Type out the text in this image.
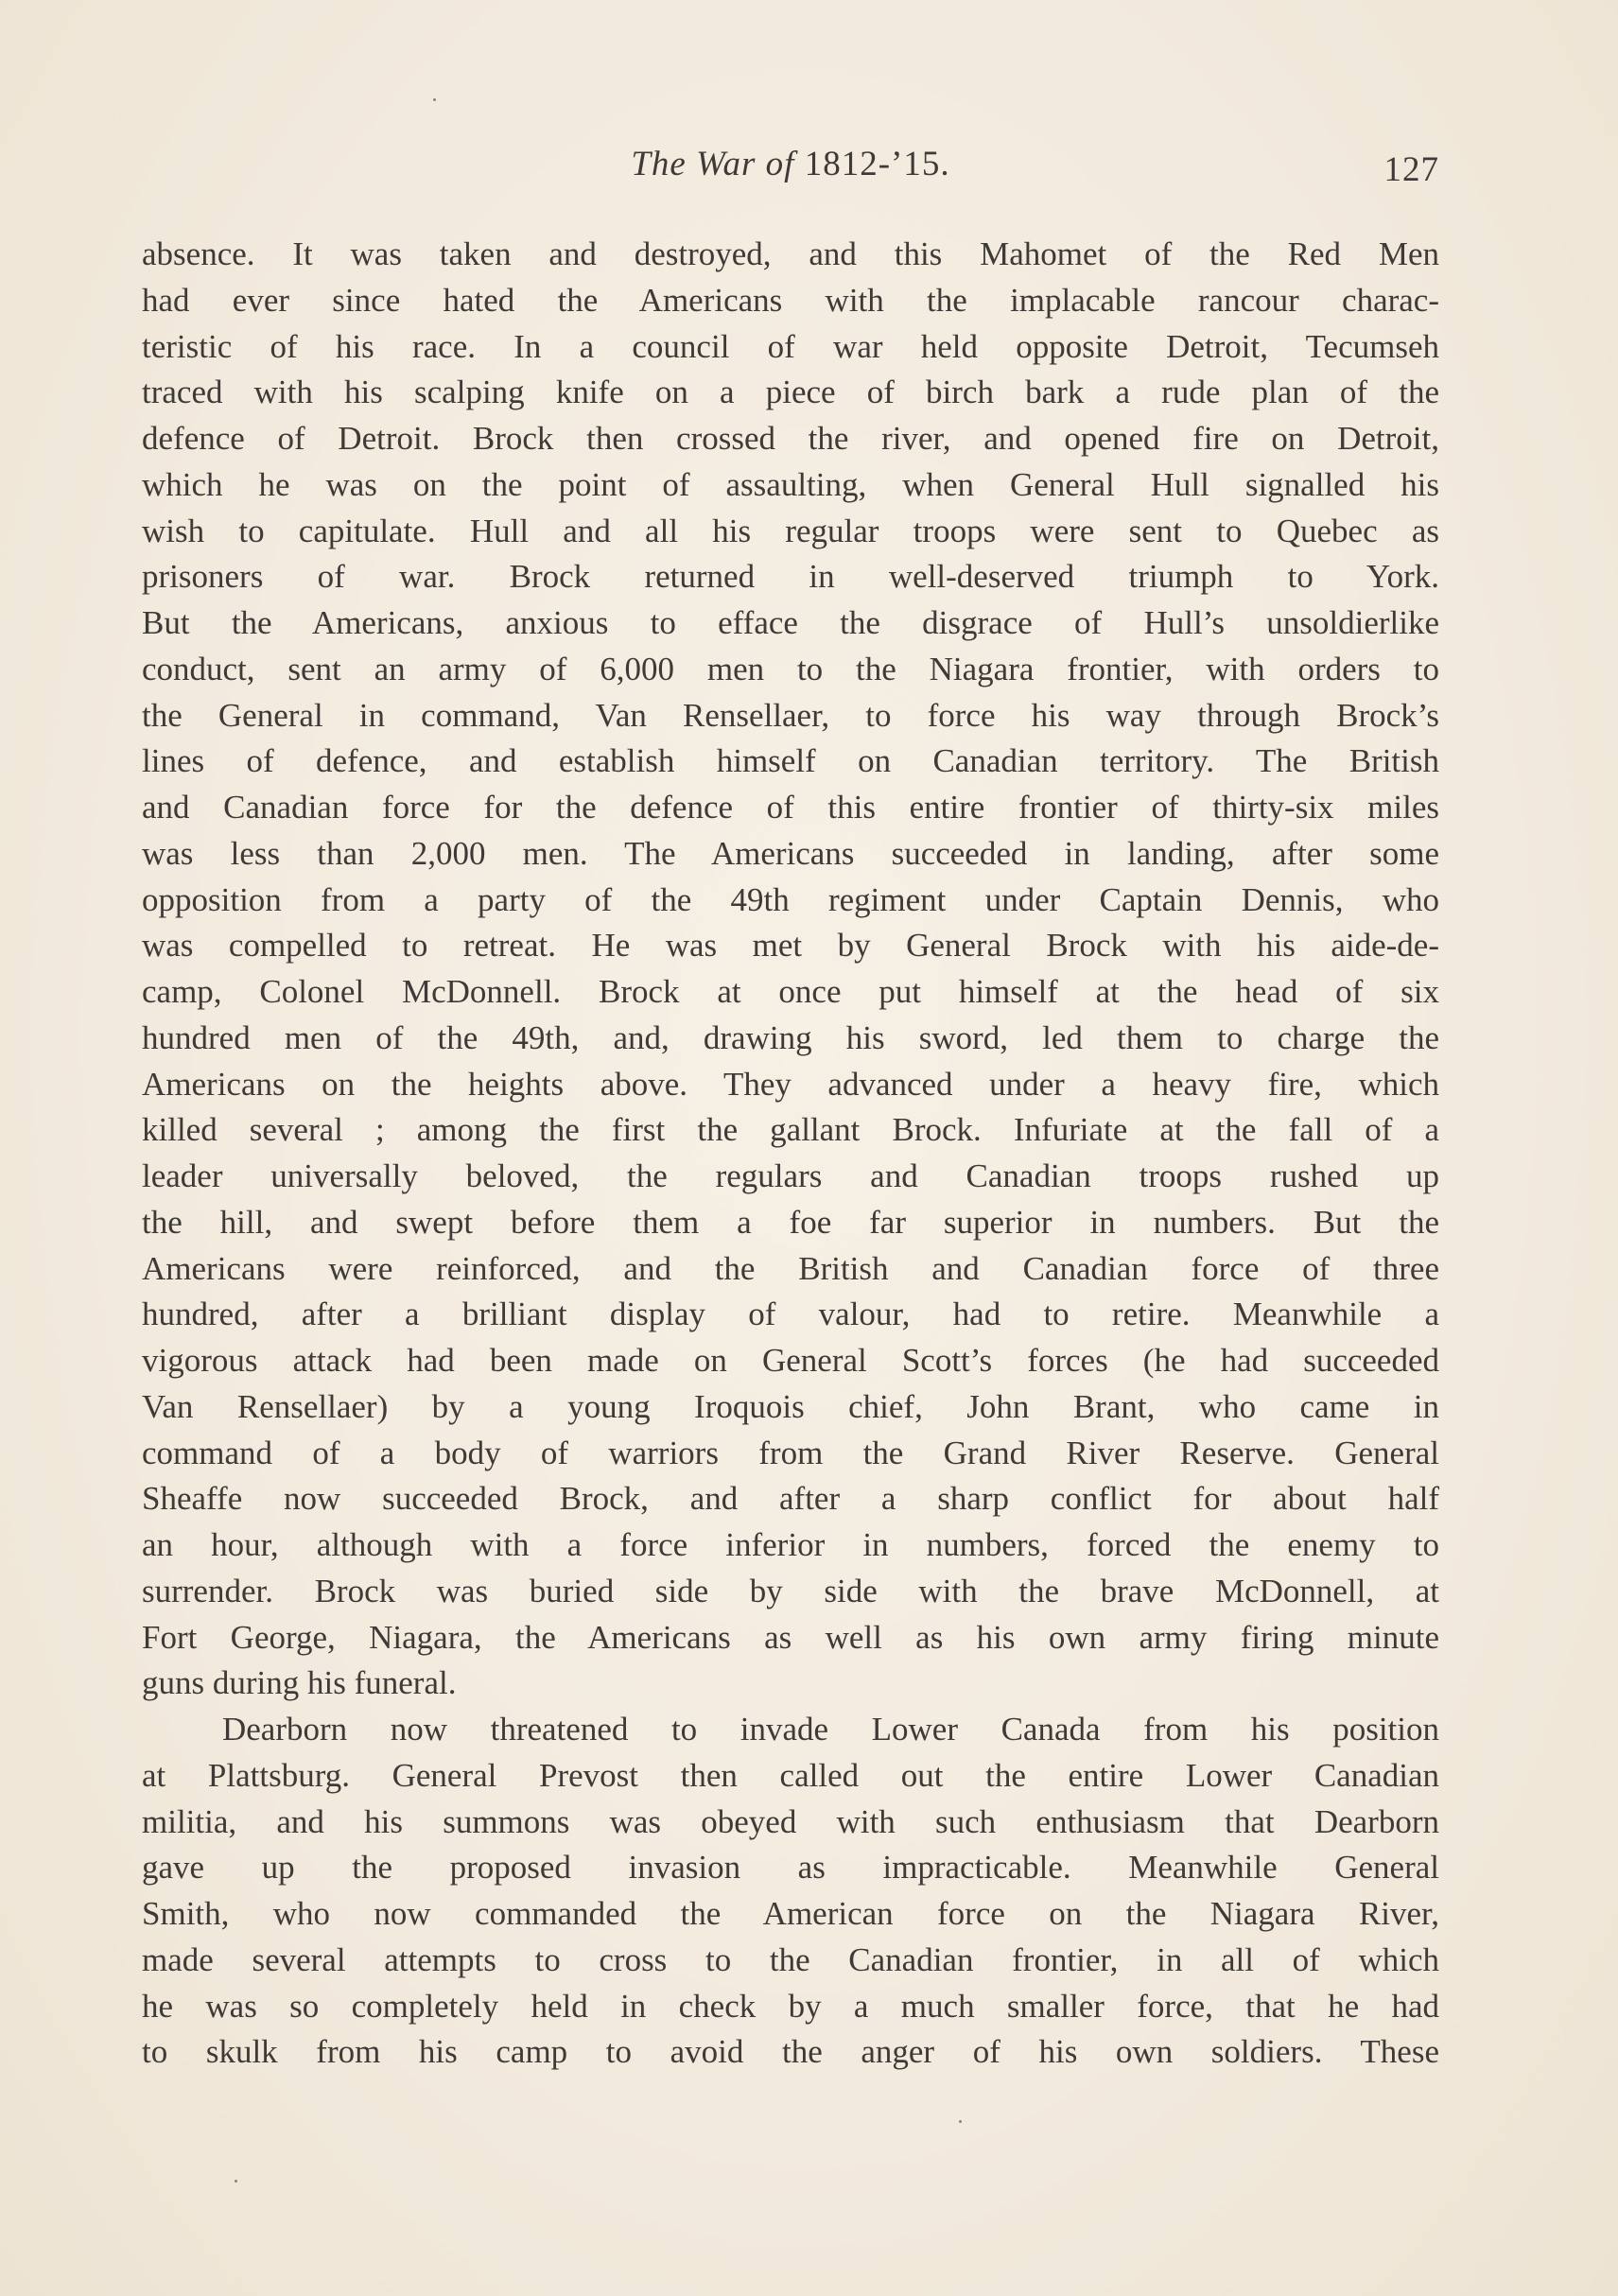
The War of 1812-’15.	127
absence. It was taken and destroyed, and this Mahomet of the Red Men
had ever since hated the Americans with the implacable rancour charac-
teristic of his race. In a council of war held opposite Detroit, Tecumseh
traced with his scalping knife on a piece of birch bark a rude plan of the
defence of Detroit. Brock then crossed the river, and opened fire on Detroit,
which he was on the point of assaulting, when General Hull signalled his
wish to capitulate. Hull and all his regular troops were sent to Quebec as
prisoners of war. Brock returned in well-deserved triumph to York.
But the Americans, anxious to efface the disgrace of Hull’s unsoldierlike
conduct, sent an army of 6,000 men to the Niagara frontier, with orders to
the General in command, Van Rensellaer, to force his way through Brock’s
lines of defence, and establish himself on Canadian territory. The British
and Canadian force for the defence of this entire frontier of thirty-six miles
was less than 2,000 men. The Americans succeeded in landing, after some
opposition from a party of the 49th regiment under Captain Dennis, who
was compelled to retreat. He was met by General Brock with his aide-de-
camp, Colonel McDonnell. Brock at once put himself at the head of six
hundred men of the 49th, and, drawing his sword, led them to charge the
Americans on the heights above. They advanced under a heavy fire, which
killed several ; among the first the gallant Brock. Infuriate at the fall of a
leader universally beloved, the regulars and Canadian troops rushed up
the hill, and swept before them a foe far superior in numbers. But the
Americans were reinforced, and the British and Canadian force of three
hundred, after a brilliant display of valour, had to retire. Meanwhile a
vigorous attack had been made on General Scott’s forces (he had succeeded
Van Rensellaer) by a young Iroquois chief, John Brant, who came in
command of a body of warriors from the Grand River Reserve. General
Sheaffe now succeeded Brock, and after a sharp conflict for about half
an hour, although with a force inferior in numbers, forced the enemy to
surrender. Brock was buried side by side with the brave McDonnell, at
Fort George, Niagara, the Americans as well as his own army firing minute
guns during his funeral.
Dearborn now threatened to invade Lower Canada from his position
at Plattsburg. General Prevost then called out the entire Lower Canadian
militia, and his summons was obeyed with such enthusiasm that Dearborn
gave up the proposed invasion as impracticable. Meanwhile General
Smith, who now commanded the American force on the Niagara River,
made several attempts to cross to the Canadian frontier, in all of which
he was so completely held in check by a much smaller force, that he had
to skulk from his camp to avoid the anger of his own soldiers. These
